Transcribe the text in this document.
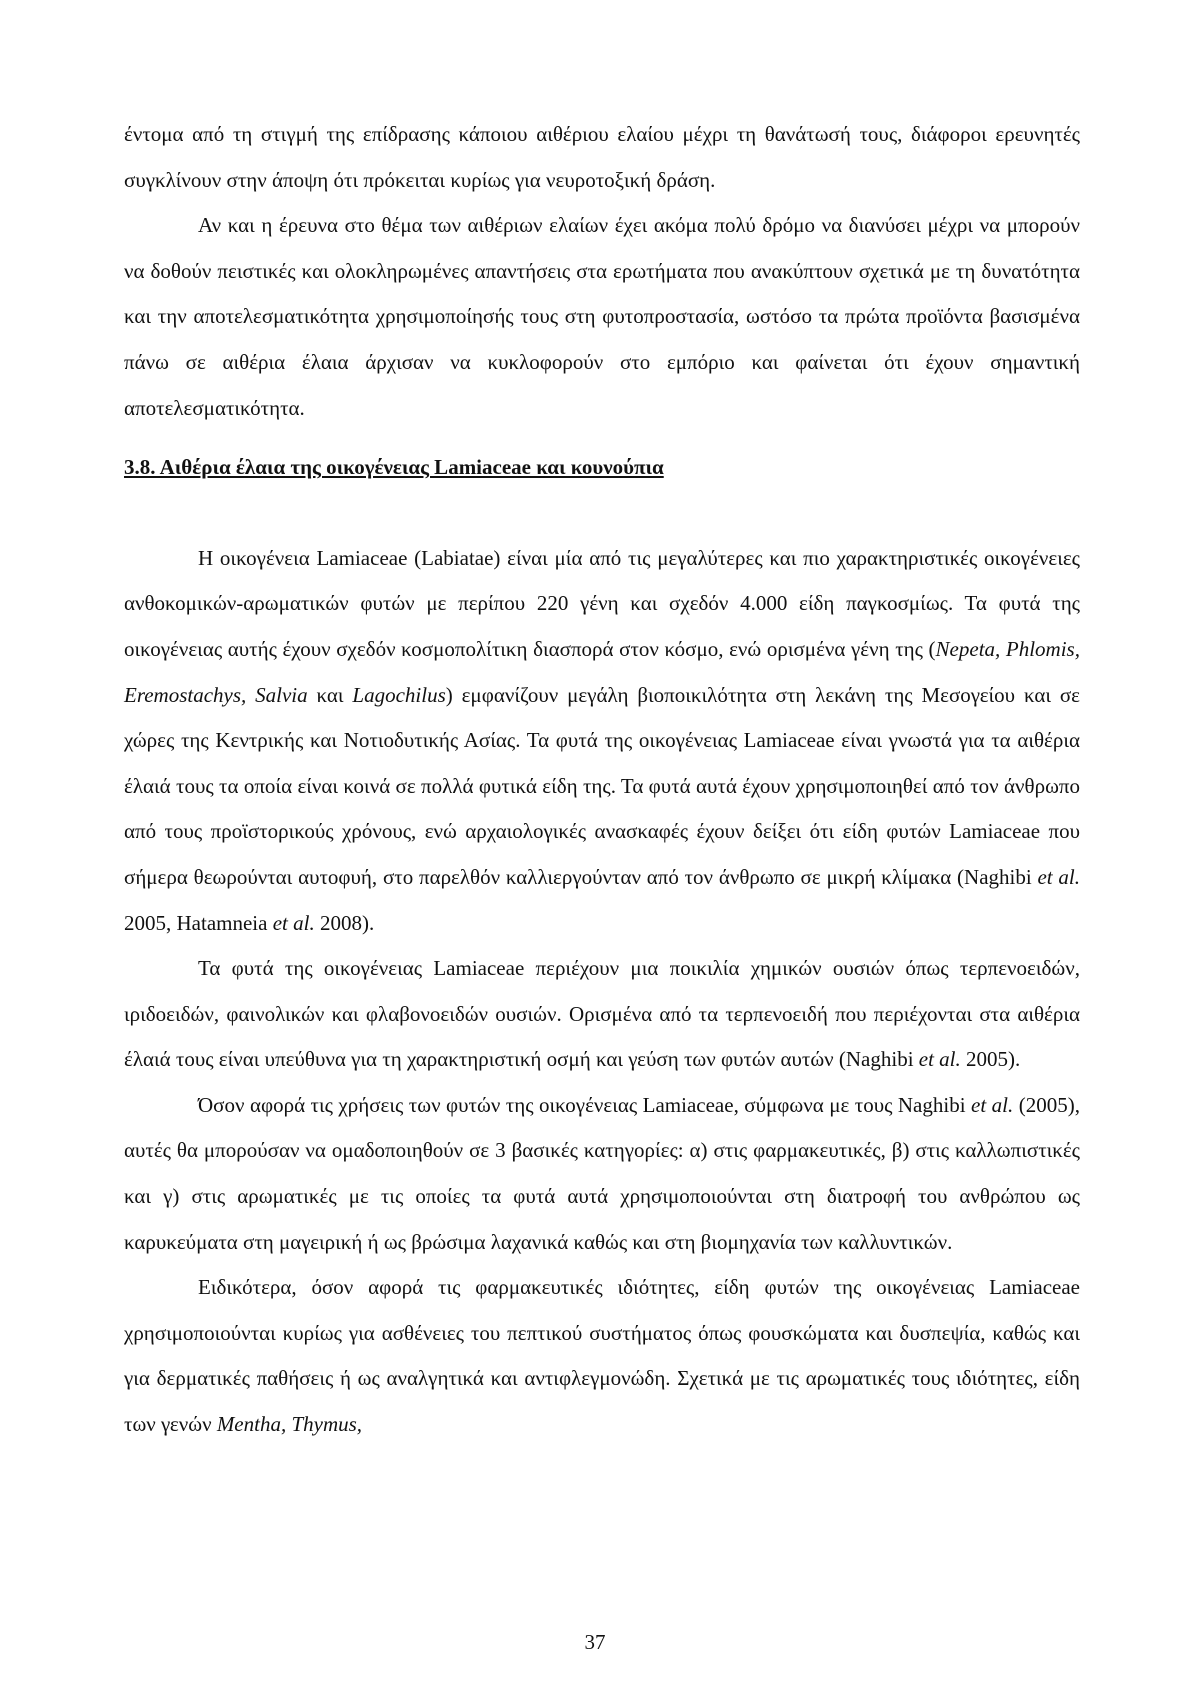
έντομα από τη στιγμή της επίδρασης κάποιου αιθέριου ελαίου μέχρι τη θανάτωσή τους, διάφοροι ερευνητές συγκλίνουν στην άποψη ότι πρόκειται κυρίως για νευροτοξική δράση.

Αν και η έρευνα στο θέμα των αιθέριων ελαίων έχει ακόμα πολύ δρόμο να διανύσει μέχρι να μπορούν να δοθούν πειστικές και ολοκληρωμένες απαντήσεις στα ερωτήματα που ανακύπτουν σχετικά με τη δυνατότητα και την αποτελεσματικότητα χρησιμοποίησής τους στη φυτοπροστασία, ωστόσο τα πρώτα προϊόντα βασισμένα πάνω σε αιθέρια έλαια άρχισαν να κυκλοφορούν στο εμπόριο και φαίνεται ότι έχουν σημαντική αποτελεσματικότητα.

3.8. Αιθέρια έλαια της οικογένειας Lamiaceae και κουνούπια

Η οικογένεια Lamiaceae (Labiatae) είναι μία από τις μεγαλύτερες και πιο χαρακτηριστικές οικογένειες ανθοκομικών-αρωματικών φυτών με περίπου 220 γένη και σχεδόν 4.000 είδη παγκοσμίως. Τα φυτά της οικογένειας αυτής έχουν σχεδόν κοσμοπολίτικη διασπορά στον κόσμο, ενώ ορισμένα γένη της (Nepeta, Phlomis, Eremostachys, Salvia και Lagochilus) εμφανίζουν μεγάλη βιοποικιλότητα στη λεκάνη της Μεσογείου και σε χώρες της Κεντρικής και Νοτιοδυτικής Ασίας. Τα φυτά της οικογένειας Lamiaceae είναι γνωστά για τα αιθέρια έλαιά τους τα οποία είναι κοινά σε πολλά φυτικά είδη της. Τα φυτά αυτά έχουν χρησιμοποιηθεί από τον άνθρωπο από τους προϊστορικούς χρόνους, ενώ αρχαιολογικές ανασκαφές έχουν δείξει ότι είδη φυτών Lamiaceae που σήμερα θεωρούνται αυτοφυή, στο παρελθόν καλλιεργούνταν από τον άνθρωπο σε μικρή κλίμακα (Naghibi et al. 2005, Hatamneia et al. 2008).

Τα φυτά της οικογένειας Lamiaceae περιέχουν μια ποικιλία χημικών ουσιών όπως τερπενοειδών, ιριδοειδών, φαινολικών και φλαβονοειδών ουσιών. Ορισμένα από τα τερπενοειδή που περιέχονται στα αιθέρια έλαιά τους είναι υπεύθυνα για τη χαρακτηριστική οσμή και γεύση των φυτών αυτών (Naghibi et al. 2005).

Όσον αφορά τις χρήσεις των φυτών της οικογένειας Lamiaceae, σύμφωνα με τους Naghibi et al. (2005), αυτές θα μπορούσαν να ομαδοποιηθούν σε 3 βασικές κατηγορίες: α) στις φαρμακευτικές, β) στις καλλωπιστικές και γ) στις αρωματικές με τις οποίες τα φυτά αυτά χρησιμοποιούνται στη διατροφή του ανθρώπου ως καρυκεύματα στη μαγειρική ή ως βρώσιμα λαχανικά καθώς και στη βιομηχανία των καλλυντικών.

Ειδικότερα, όσον αφορά τις φαρμακευτικές ιδιότητες, είδη φυτών της οικογένειας Lamiaceae χρησιμοποιούνται κυρίως για ασθένειες του πεπτικού συστήματος όπως φουσκώματα και δυσπεψία, καθώς και για δερματικές παθήσεις ή ως αναλγητικά και αντιφλεγμονώδη. Σχετικά με τις αρωματικές τους ιδιότητες, είδη των γενών Mentha, Thymus,

37
